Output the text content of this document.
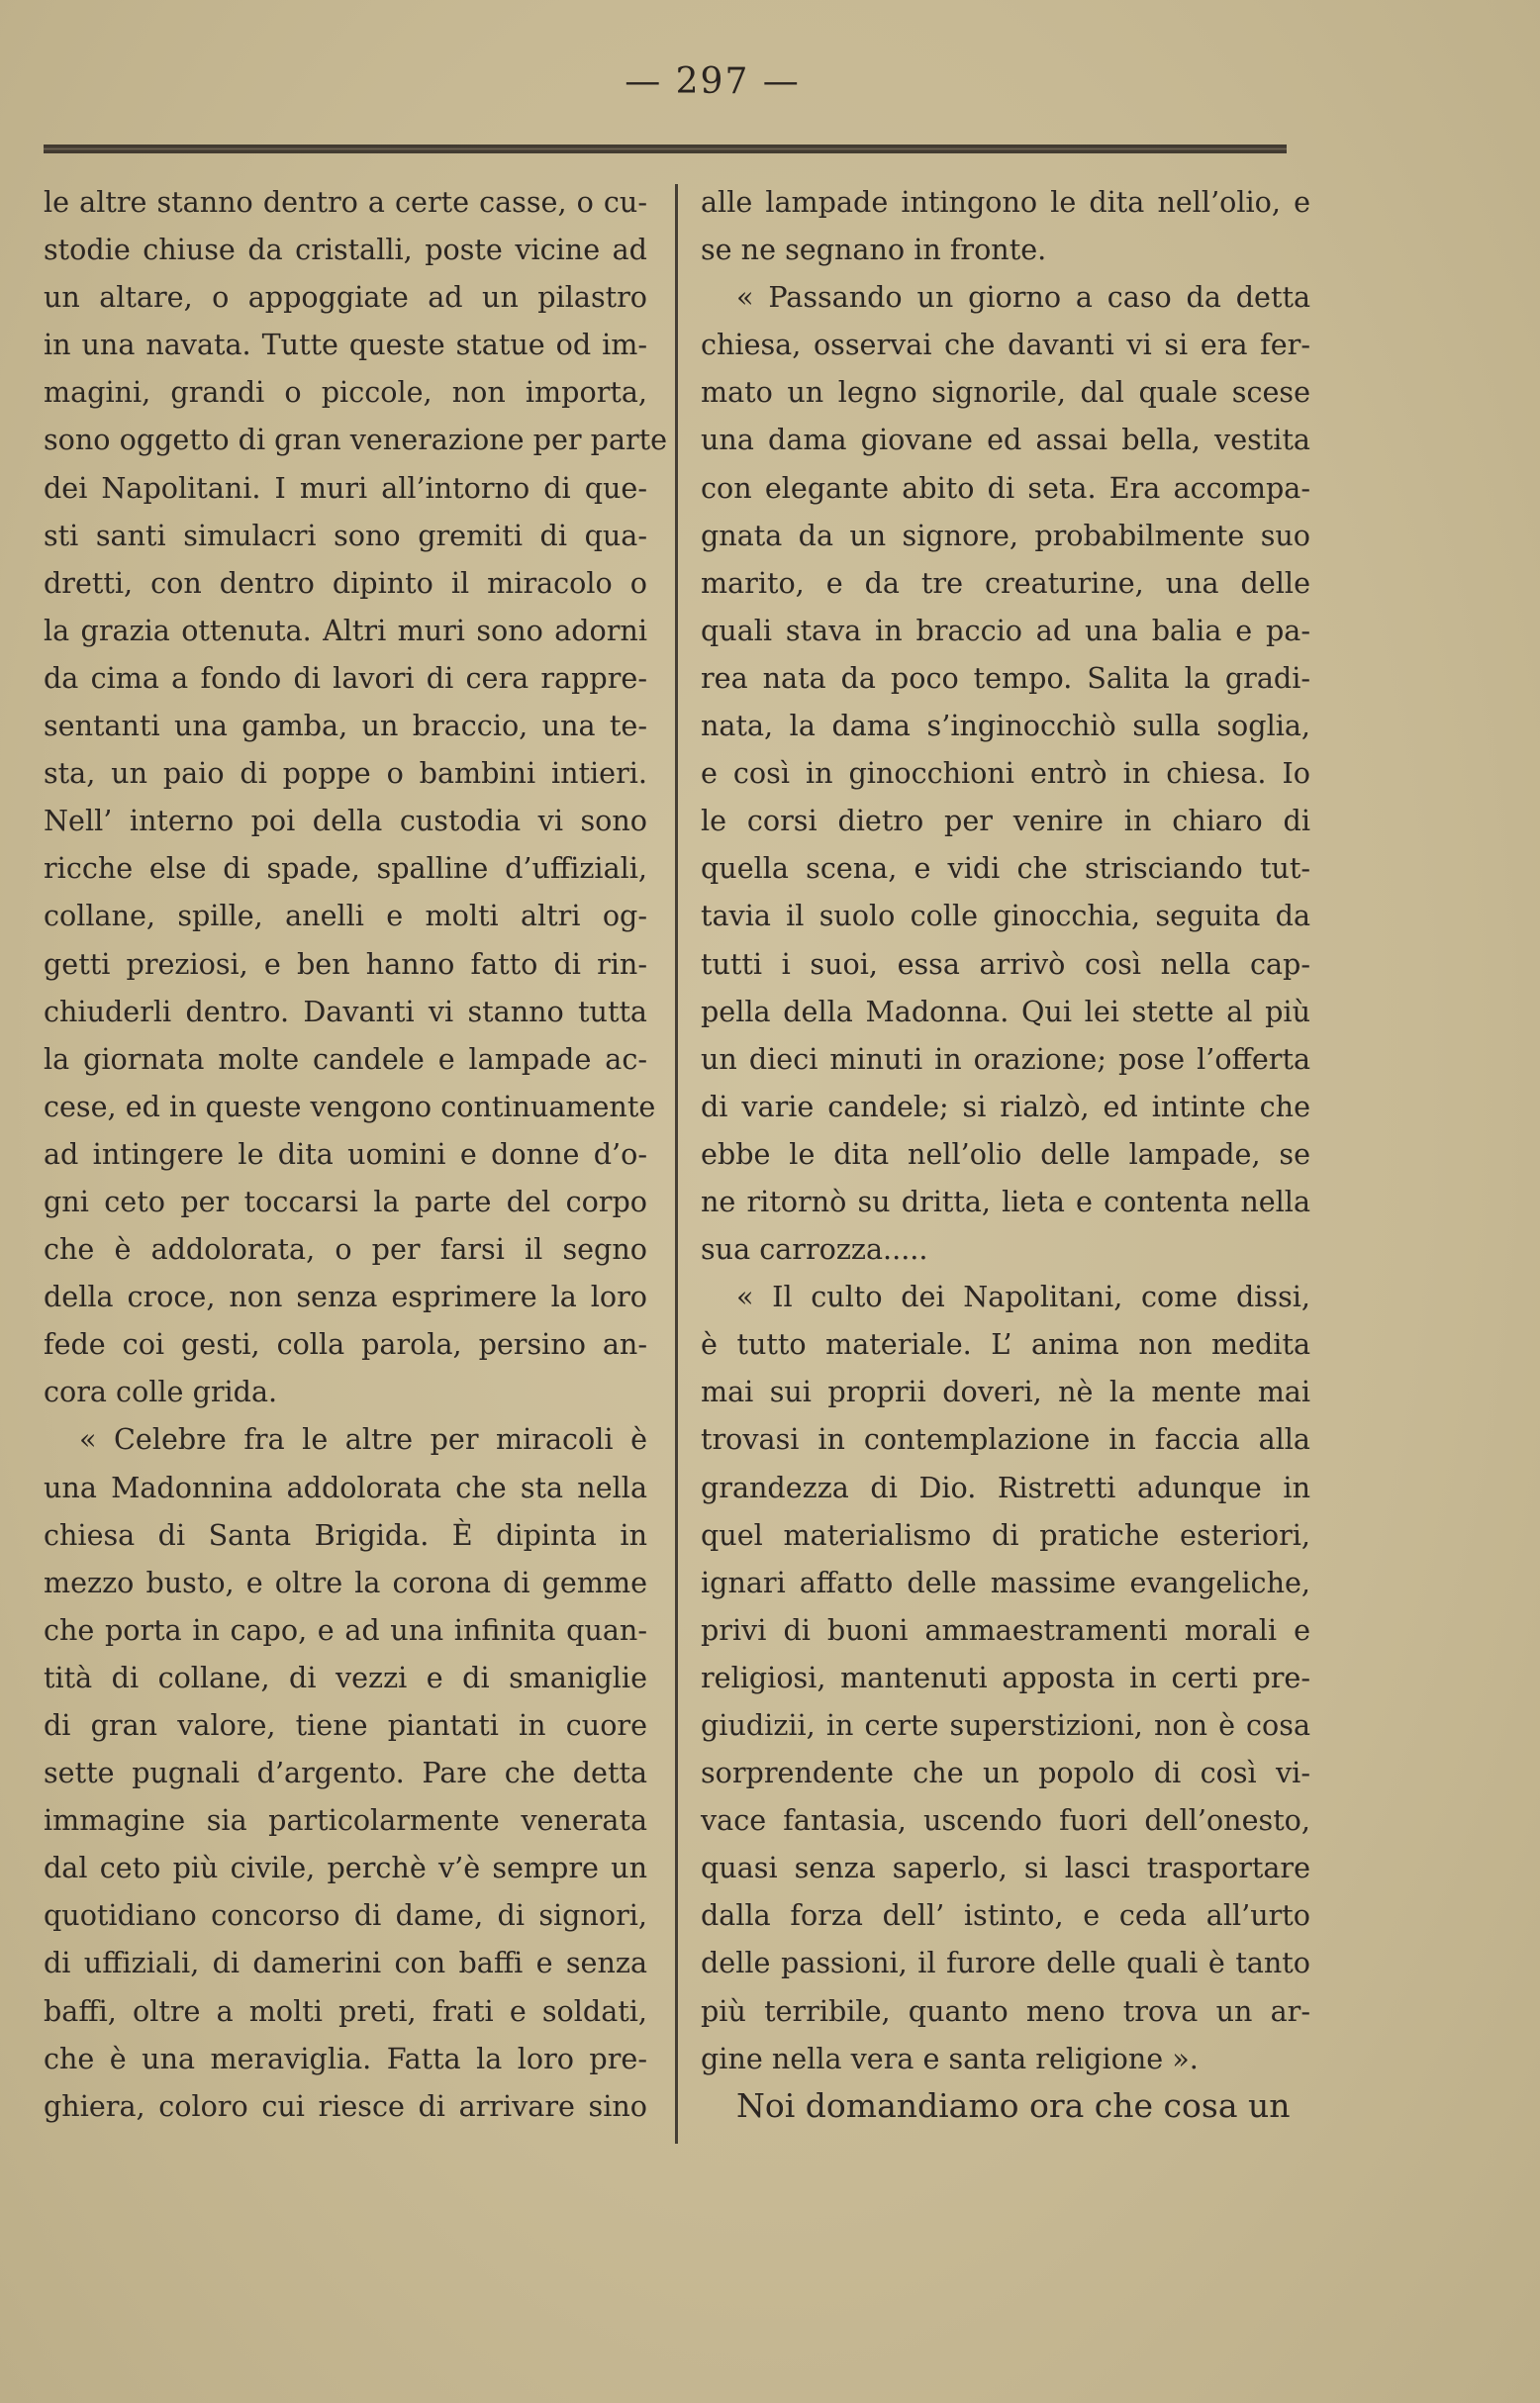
— 297 —
le altre stanno dentro a certe casse, o cu-
stodie chiuse da cristalli, poste vicine ad
un altare, o appoggiate ad un pilastro
in una navata. Tutte queste statue od im-
magini, grandi o piccole, non importa,
sono oggetto di gran venerazione per parte
dei Napolitani. I muri all’intorno di que-
sti santi simulacri sono gremiti di qua-
dretti, con dentro dipinto il miracolo o
la grazia ottenuta. Altri muri sono adorni
da cima a fondo di lavori di cera rappre-
sentanti una gamba, un braccio, una te-
sta, un paio di poppe o bambini intieri.
Nell’ interno poi della custodia vi sono
ricche else di spade, spalline d’uffiziali,
collane, spille, anelli e molti altri og-
getti preziosi, e ben hanno fatto di rin-
chiuderli dentro. Davanti vi stanno tutta
la giornata molte candele e lampade ac-
cese, ed in queste vengono continuamente
ad intingere le dita uomini e donne d’o-
gni ceto per toccarsi la parte del corpo
che è addolorata, o per farsi il segno
della croce, non senza esprimere la loro
fede coi gesti, colla parola, persino an-
cora colle grida.
« Celebre fra le altre per miracoli è
una Madonnina addolorata che sta nella
chiesa di Santa Brigida. È dipinta in
mezzo busto, e oltre la corona di gemme
che porta in capo, e ad una infinita quan-
tità di collane, di vezzi e di smaniglie
di gran valore, tiene piantati in cuore
sette pugnali d’argento. Pare che detta
immagine sia particolarmente venerata
dal ceto più civile, perchè v’è sempre un
quotidiano concorso di dame, di signori,
di uffiziali, di damerini con baffi e senza
baffi, oltre a molti preti, frati e soldati,
che è una meraviglia. Fatta la loro pre-
ghiera, coloro cui riesce di arrivare sino
alle lampade intingono le dita nell’olio, e
se ne segnano in fronte.
« Passando un giorno a caso da detta
chiesa, osservai che davanti vi si era fer-
mato un legno signorile, dal quale scese
una dama giovane ed assai bella, vestita
con elegante abito di seta. Era accompa-
gnata da un signore, probabilmente suo
marito, e da tre creaturine, una delle
quali stava in braccio ad una balia e pa-
rea nata da poco tempo. Salita la gradi-
nata, la dama s’inginocchiò sulla soglia,
e così in ginocchioni entrò in chiesa. Io
le corsi dietro per venire in chiaro di
quella scena, e vidi che strisciando tut-
tavia il suolo colle ginocchia, seguita da
tutti i suoi, essa arrivò così nella cap-
pella della Madonna. Qui lei stette al più
un dieci minuti in orazione; pose l’offerta
di varie candele; si rialzò, ed intinte che
ebbe le dita nell’olio delle lampade, se
ne ritornò su dritta, lieta e contenta nella
sua carrozza.....
« Il culto dei Napolitani, come dissi,
è tutto materiale. L’ anima non medita
mai sui proprii doveri, nè la mente mai
trovasi in contemplazione in faccia alla
grandezza di Dio. Ristretti adunque in
quel materialismo di pratiche esteriori,
ignari affatto delle massime evangeliche,
privi di buoni ammaestramenti morali e
religiosi, mantenuti apposta in certi pre-
giudizii, in certe superstizioni, non è cosa
sorprendente che un popolo di così vi-
vace fantasia, uscendo fuori dell’onesto,
quasi senza saperlo, si lasci trasportare
dalla forza dell’ istinto, e ceda all’urto
delle passioni, il furore delle quali è tanto
più terribile, quanto meno trova un ar-
gine nella vera e santa religione ».
Noi domandiamo ora che cosa un
